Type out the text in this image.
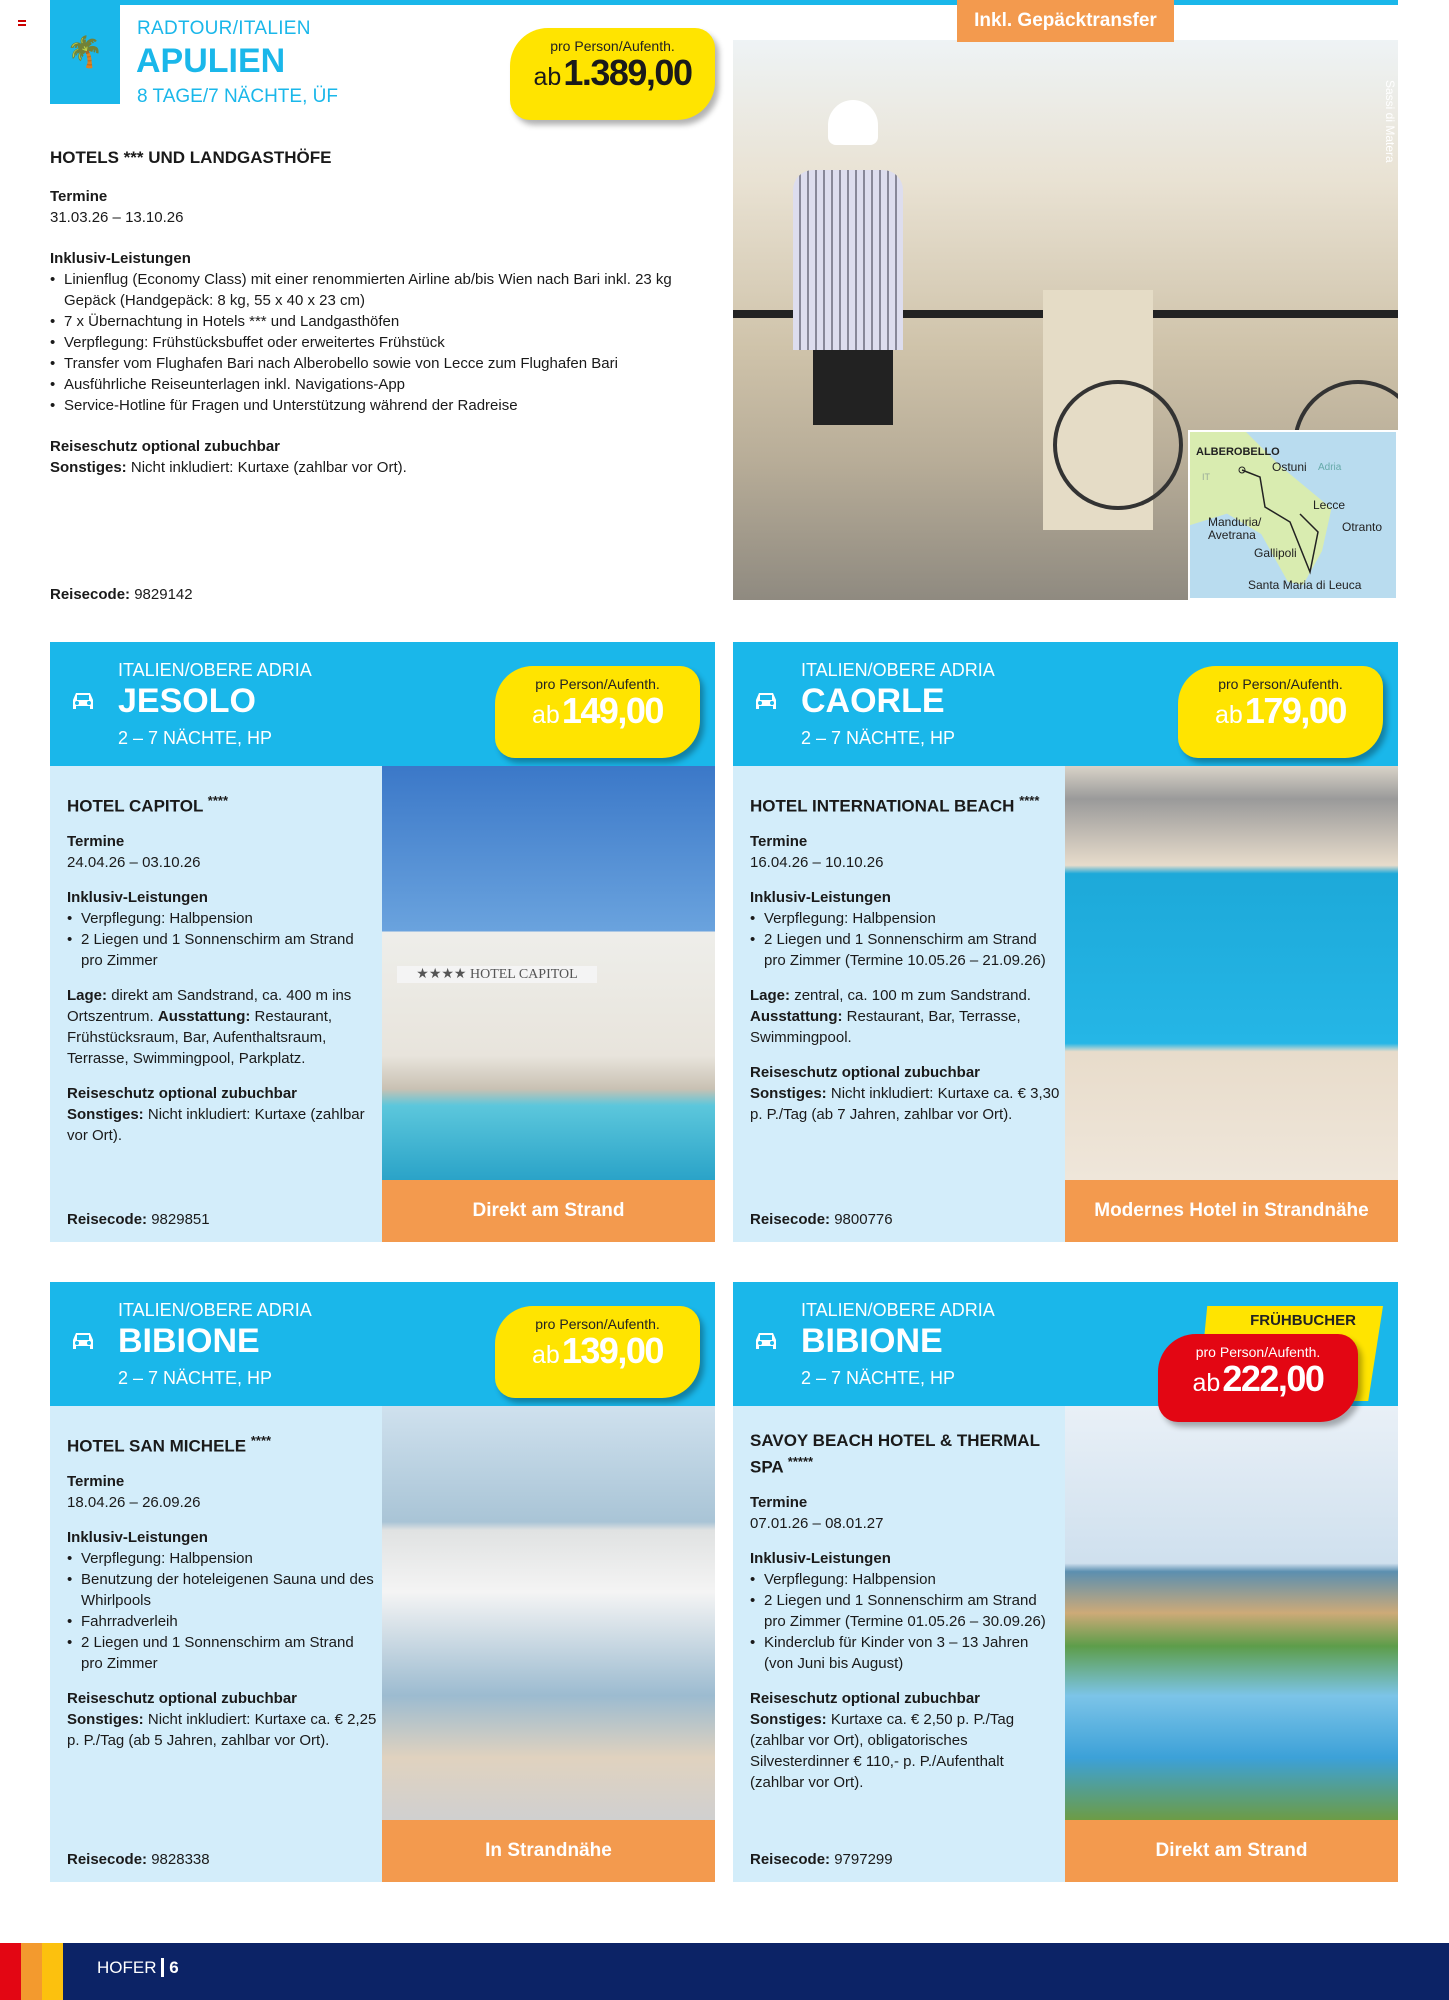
🌴
RADTOUR/ITALIEN
APULIEN
8 TAGE/7 NÄCHTE, ÜF
pro Person/Aufenth.
ab1.389,00
HOTELS *** UND LANDGASTHÖFE
Termine
31.03.26 – 13.10.26
Inklusiv-Leistungen
• Linienflug (Economy Class) mit einer renommierten Airline ab/bis Wien nach Bari inkl. 23 kg Gepäck (Handgepäck: 8 kg, 55 x 40 x 23 cm)
• 7 x Übernachtung in Hotels *** und Landgasthöfen
• Verpflegung: Frühstücksbuffet oder erweitertes Frühstück
• Transfer vom Flughafen Bari nach Alberobello sowie von Lecce zum Flughafen Bari
• Ausführliche Reiseunterlagen inkl. Navigations-App
• Service-Hotline für Fragen und Unterstützung während der Radreise
Reiseschutz optional zubuchbar
Sonstiges: Nicht inkludiert: Kurtaxe (zahlbar vor Ort).
Reisecode: 9829142
Sassi di Matera
Inkl. Gepäcktransfer
ALBEROBELLO
Ostuni Adria
IT
Lecce
Manduria/ Avetrana
Otranto
Gallipoli
Santa Maria di Leuca
ITALIEN/OBERE ADRIA
JESOLO
2 – 7 NÄCHTE, HP
pro Person/Aufenth.
ab149,00
HOTEL CAPITOL ****

Termine
24.04.26 – 03.10.26

Inklusiv-Leistungen
• Verpflegung: Halbpension
• 2 Liegen und 1 Sonnenschirm am Strand pro Zimmer

Lage: direkt am Sandstrand, ca. 400 m ins Ortszentrum. Ausstattung: Restaurant, Frühstücksraum, Bar, Aufenthaltsraum, Terrasse, Swimmingpool, Parkplatz.

Reiseschutz optional zubuchbar
Sonstiges: Nicht inkludiert: Kurtaxe (zahlbar vor Ort).

Reisecode: 9829851
★★★★ HOTEL CAPITOL
Direkt am Strand
ITALIEN/OBERE ADRIA
CAORLE
2 – 7 NÄCHTE, HP
pro Person/Aufenth.
ab179,00
HOTEL INTERNATIONAL BEACH ****

Termine
16.04.26 – 10.10.26

Inklusiv-Leistungen
• Verpflegung: Halbpension
• 2 Liegen und 1 Sonnenschirm am Strand pro Zimmer (Termine 10.05.26 – 21.09.26)

Lage: zentral, ca. 100 m zum Sandstrand. Ausstattung: Restaurant, Bar, Terrasse, Swimmingpool.

Reiseschutz optional zubuchbar
Sonstiges: Nicht inkludiert: Kurtaxe ca. € 3,30 p. P./Tag (ab 7 Jahren, zahlbar vor Ort).

Reisecode: 9800776	Modernes Hotel in Strandnähe
ITALIEN/OBERE ADRIA
BIBIONE
2 – 7 NÄCHTE, HP
pro Person/Aufenth.
ab139,00
HOTEL SAN MICHELE ****

Termine
18.04.26 – 26.09.26

Inklusiv-Leistungen
• Verpflegung: Halbpension
• Benutzung der hoteleigenen Sauna und des Whirlpools
• Fahrradverleih
• 2 Liegen und 1 Sonnenschirm am Strand pro Zimmer

Reiseschutz optional zubuchbar
Sonstiges: Nicht inkludiert: Kurtaxe ca. € 2,25 p. P./Tag (ab 5 Jahren, zahlbar vor Ort).

Reisecode: 9828338	In Strandnähe
ITALIEN/OBERE ADRIA
BIBIONE
2 – 7 NÄCHTE, HP
FRÜHBUCHER
pro Person/Aufenth.
ab222,00
SAVOY BEACH HOTEL & THERMAL SPA *****

Termine
07.01.26 – 08.01.27

Inklusiv-Leistungen
• Verpflegung: Halbpension
• 2 Liegen und 1 Sonnenschirm am Strand pro Zimmer (Termine 01.05.26 – 30.09.26)
• Kinderclub für Kinder von 3 – 13 Jahren (von Juni bis August)

Reiseschutz optional zubuchbar
Sonstiges: Kurtaxe ca. € 2,50 p. P./Tag (zahlbar vor Ort), obligatorisches Silvesterdinner € 110,- p. P./Aufenthalt (zahlbar vor Ort).

Reisecode: 9797299	Direkt am Strand
HOFER 6
